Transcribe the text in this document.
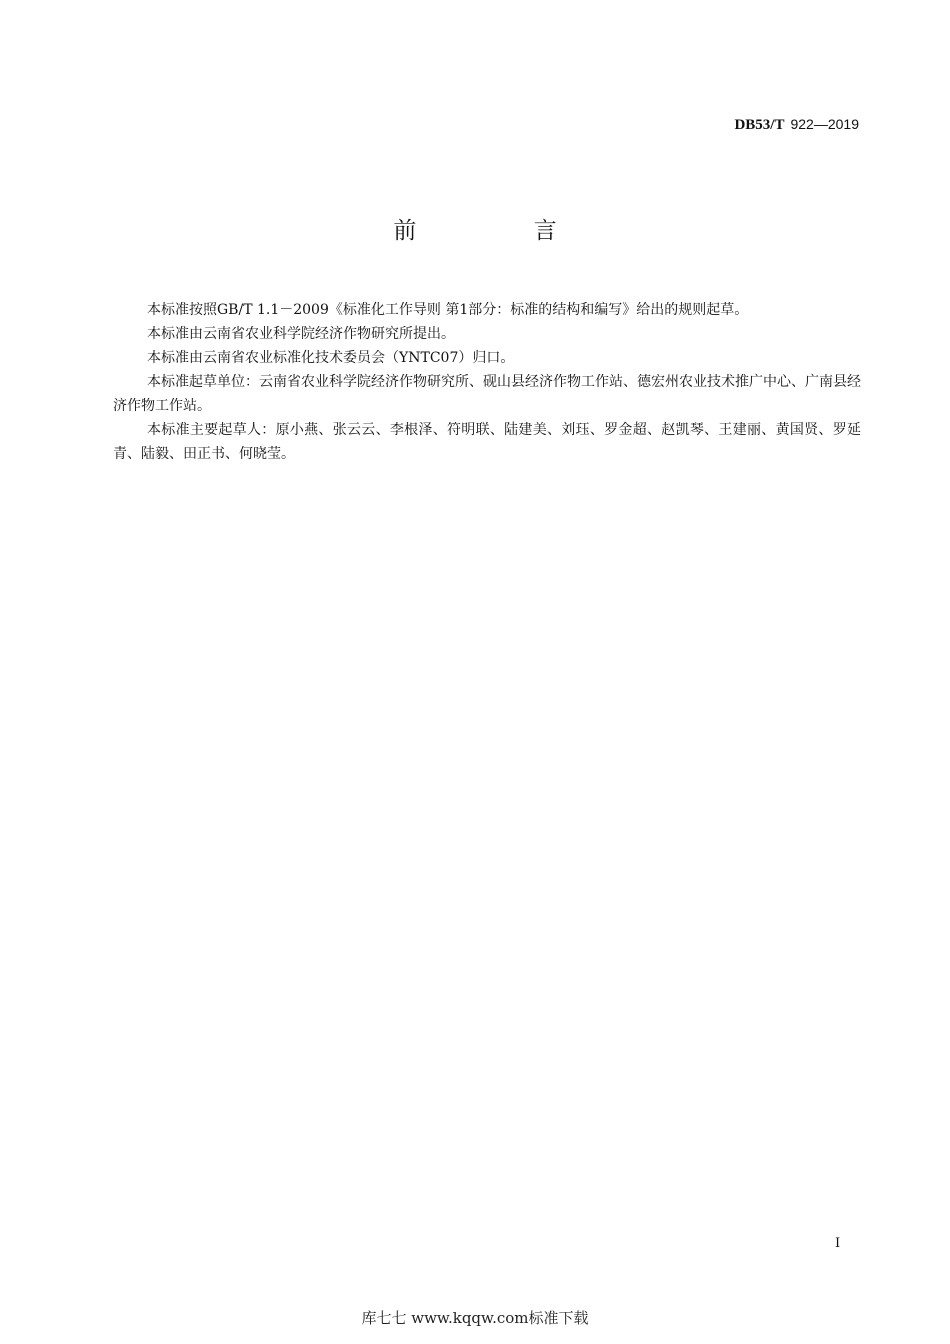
DB53/T 922—2019
前 言

本标准按照GB/T 1.1－2009《标准化工作导则 第1部分：标准的结构和编写》给出的规则起草。

本标准由云南省农业科学院经济作物研究所提出。

本标准由云南省农业标准化技术委员会（YNTC07）归口。

本标准起草单位：云南省农业科学院经济作物研究所、砚山县经济作物工作站、德宏州农业技术推广中心、广南县经济作物工作站。

本标准主要起草人：原小燕、张云云、李根泽、符明联、陆建美、刘珏、罗金超、赵凯琴、王建丽、黄国贤、罗延青、陆毅、田正书、何晓莹。

I
库七七 www.kqqw.com标准下载
